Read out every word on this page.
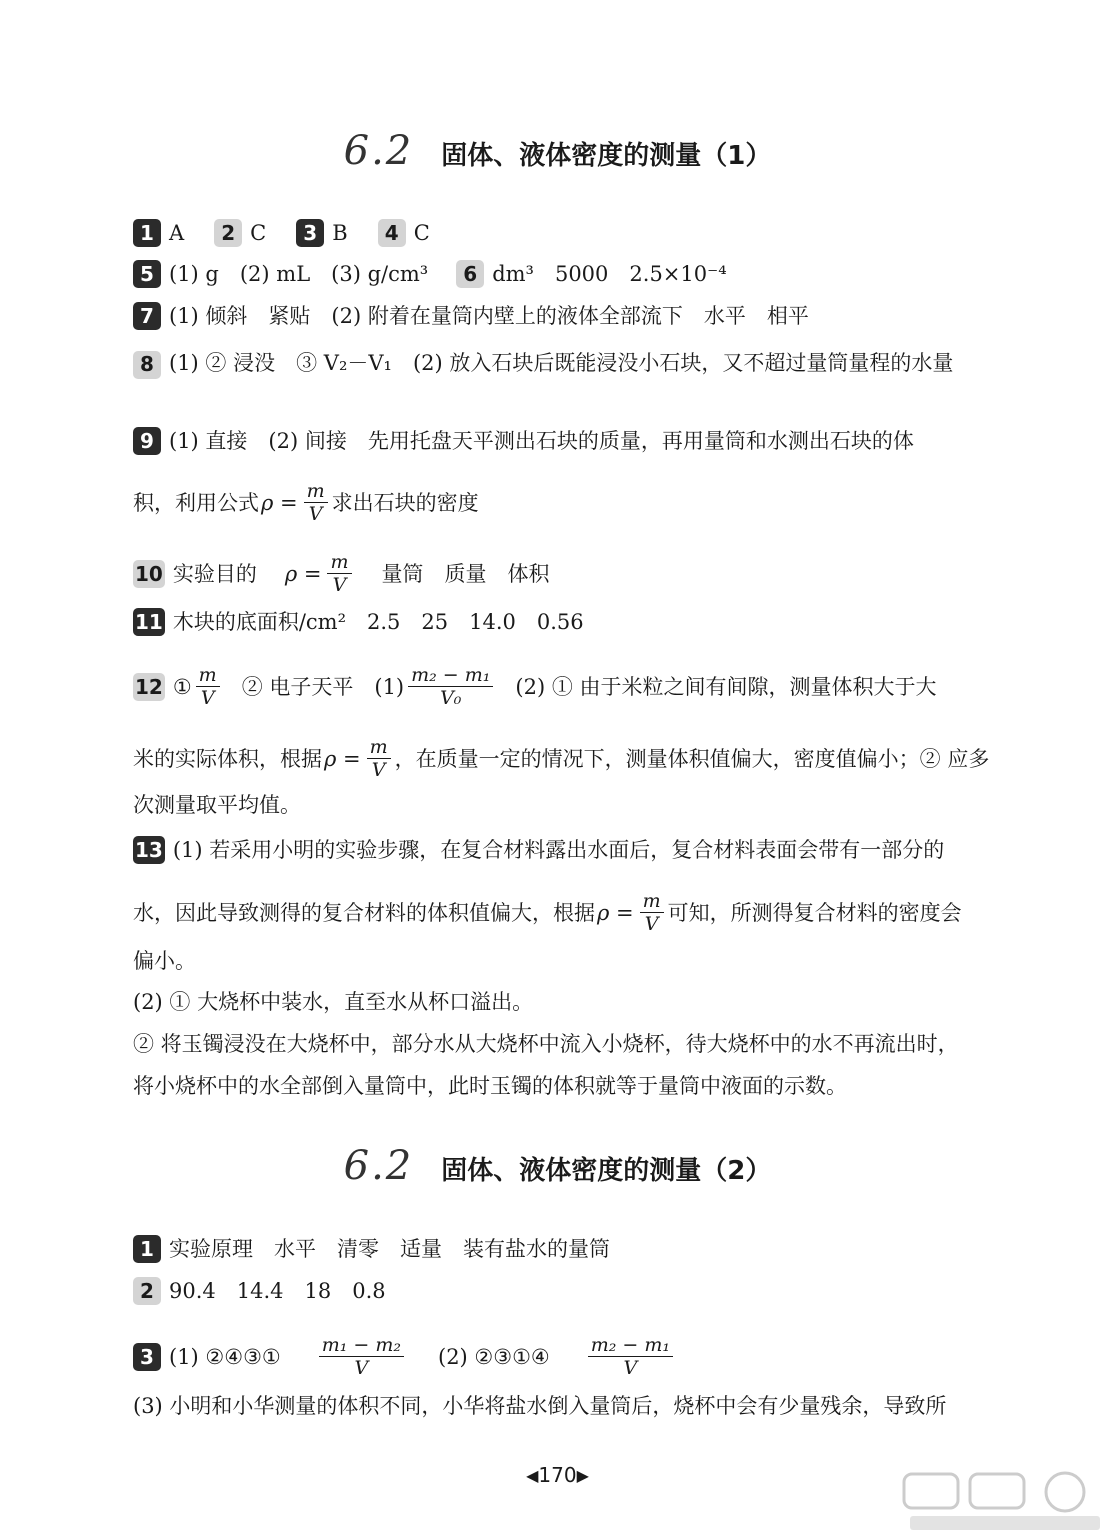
6.2 固体、液体密度的测量（1）
1 A	2 C	3 B	4 C
5 (1) g　(2) mL　(3) g/cm³	6 dm³　5000　2.5×10⁻⁴
7 (1) 倾斜　紧贴　(2) 附着在量筒内壁上的液体全部流下　水平　相平
8 (1) ② 浸没　③ V₂－V₁　(2) 放入石块后既能浸没小石块，又不超过量筒量程的水量
9 (1) 直接　(2) 间接　先用托盘天平测出石块的质量，再用量筒和水测出石块的体
积，利用公式 $\rho = \frac{m}{V}$ 求出石块的密度
10 实验目的 $\rho = \frac{m}{V}$ 量筒　质量　体积
11 木块的底面积/cm²　2.5　25　14.0　0.56
12 ① $\frac{m}{V}$ ② 电子天平　$(1) \frac{\text{m₂ − m₁}}{\text{V₀}} (2)$ ① 由于米粒之间有间隙，测量体积大于大
米的实际体积，根据 $\rho = \frac{m}{V}$ ，在质量一定的情况下，测量体积值偏大，密度值偏小；② 应多
次测量取平均值。
13 (1) 若采用小明的实验步骤，在复合材料露出水面后，复合材料表面会带有一部分的
水，因此导致测得的复合材料的体积值偏大，根据 $\rho = \frac{m}{V}$ 可知，所测得复合材料的密度会
偏小。
(2) ① 大烧杯中装水，直至水从杯口溢出。
② 将玉镯浸没在大烧杯中，部分水从大烧杯中流入小烧杯，待大烧杯中的水不再流出时，
将小烧杯中的水全部倒入量筒中，此时玉镯的体积就等于量筒中液面的示数。
6.2 固体、液体密度的测量（2）
1 实验原理　水平　清零　适量　装有盐水的量筒
2 90.4　14.4　18　0.8
3 (1) ②④③① $\frac{\text{m₁ − m₂}}{V} (2)$ ②③①④ $\frac{\text{m₂ − m₁}}{V}$
(3) 小明和小华测量的体积不同，小华将盐水倒入量筒后，烧杯中会有少量残余，导致所
◀170▶
